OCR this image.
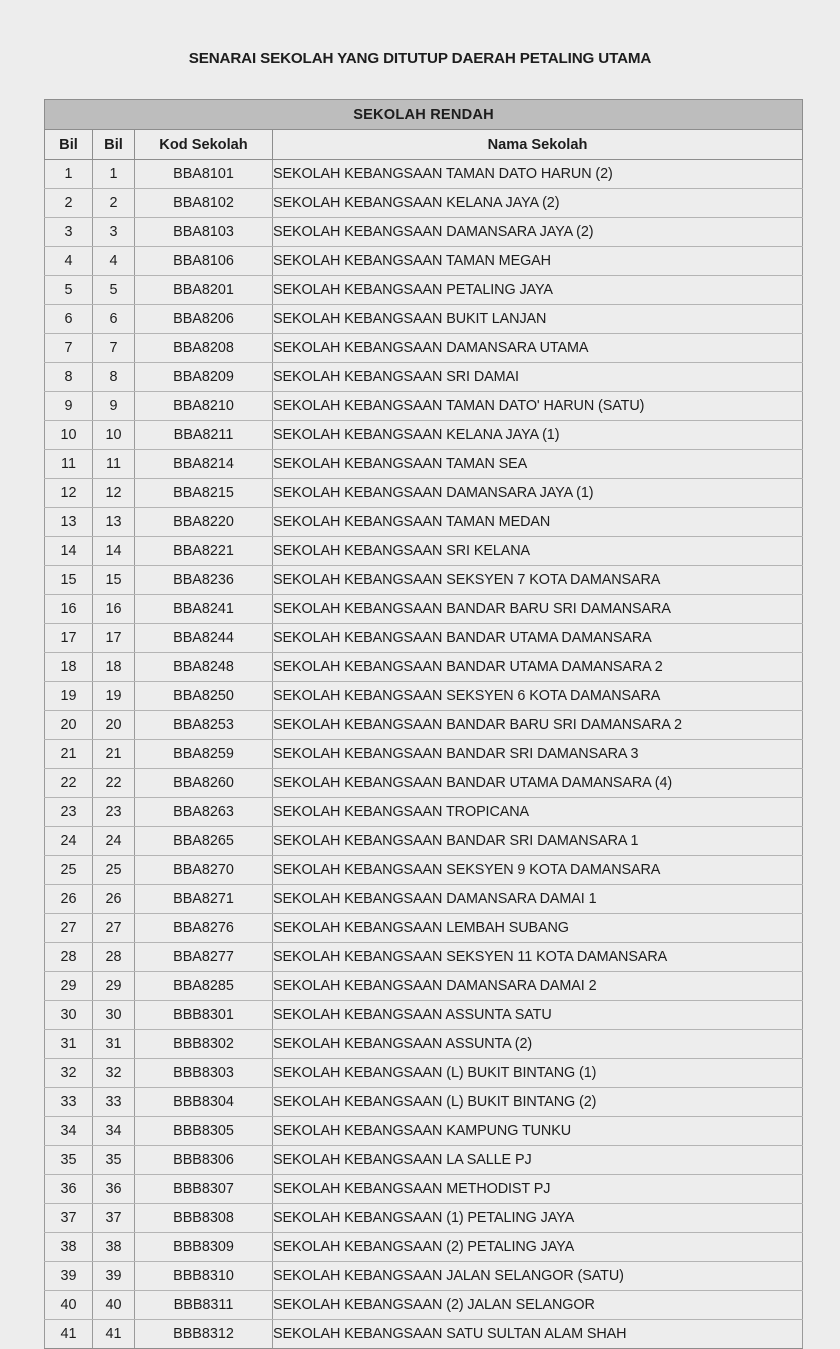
SENARAI SEKOLAH YANG DITUTUP DAERAH PETALING UTAMA
SEKOLAH RENDAH			
Bil	Bil	Kod Sekolah	Nama Sekolah
1	1	BBA8101	SEKOLAH KEBANGSAAN TAMAN DATO HARUN (2)
2	2	BBA8102	SEKOLAH KEBANGSAAN KELANA JAYA (2)
3	3	BBA8103	SEKOLAH KEBANGSAAN DAMANSARA JAYA (2)
4	4	BBA8106	SEKOLAH KEBANGSAAN TAMAN MEGAH
5	5	BBA8201	SEKOLAH KEBANGSAAN PETALING JAYA
6	6	BBA8206	SEKOLAH KEBANGSAAN BUKIT LANJAN
7	7	BBA8208	SEKOLAH KEBANGSAAN DAMANSARA UTAMA
8	8	BBA8209	SEKOLAH KEBANGSAAN SRI DAMAI
9	9	BBA8210	SEKOLAH KEBANGSAAN TAMAN DATO' HARUN (SATU)
10	10	BBA8211	SEKOLAH KEBANGSAAN KELANA JAYA (1)
11	11	BBA8214	SEKOLAH KEBANGSAAN TAMAN SEA
12	12	BBA8215	SEKOLAH KEBANGSAAN DAMANSARA JAYA (1)
13	13	BBA8220	SEKOLAH KEBANGSAAN TAMAN MEDAN
14	14	BBA8221	SEKOLAH KEBANGSAAN SRI KELANA
15	15	BBA8236	SEKOLAH KEBANGSAAN SEKSYEN 7 KOTA DAMANSARA
16	16	BBA8241	SEKOLAH KEBANGSAAN BANDAR BARU SRI DAMANSARA
17	17	BBA8244	SEKOLAH KEBANGSAAN BANDAR UTAMA DAMANSARA
18	18	BBA8248	SEKOLAH KEBANGSAAN BANDAR UTAMA DAMANSARA 2
19	19	BBA8250	SEKOLAH KEBANGSAAN SEKSYEN 6 KOTA DAMANSARA
20	20	BBA8253	SEKOLAH KEBANGSAAN BANDAR BARU SRI DAMANSARA 2
21	21	BBA8259	SEKOLAH KEBANGSAAN BANDAR SRI DAMANSARA 3
22	22	BBA8260	SEKOLAH KEBANGSAAN BANDAR UTAMA DAMANSARA (4)
23	23	BBA8263	SEKOLAH KEBANGSAAN TROPICANA
24	24	BBA8265	SEKOLAH KEBANGSAAN BANDAR SRI DAMANSARA 1
25	25	BBA8270	SEKOLAH KEBANGSAAN SEKSYEN 9 KOTA DAMANSARA
26	26	BBA8271	SEKOLAH KEBANGSAAN DAMANSARA DAMAI 1
27	27	BBA8276	SEKOLAH KEBANGSAAN LEMBAH SUBANG
28	28	BBA8277	SEKOLAH KEBANGSAAN SEKSYEN 11 KOTA DAMANSARA
29	29	BBA8285	SEKOLAH KEBANGSAAN DAMANSARA DAMAI 2
30	30	BBB8301	SEKOLAH KEBANGSAAN ASSUNTA SATU
31	31	BBB8302	SEKOLAH KEBANGSAAN ASSUNTA (2)
32	32	BBB8303	SEKOLAH KEBANGSAAN (L) BUKIT BINTANG (1)
33	33	BBB8304	SEKOLAH KEBANGSAAN (L) BUKIT BINTANG (2)
34	34	BBB8305	SEKOLAH KEBANGSAAN KAMPUNG TUNKU
35	35	BBB8306	SEKOLAH KEBANGSAAN LA SALLE PJ
36	36	BBB8307	SEKOLAH KEBANGSAAN METHODIST PJ
37	37	BBB8308	SEKOLAH KEBANGSAAN (1) PETALING JAYA
38	38	BBB8309	SEKOLAH KEBANGSAAN (2) PETALING JAYA
39	39	BBB8310	SEKOLAH KEBANGSAAN JALAN SELANGOR (SATU)
40	40	BBB8311	SEKOLAH KEBANGSAAN (2) JALAN SELANGOR
41	41	BBB8312	SEKOLAH KEBANGSAAN SATU SULTAN ALAM SHAH
